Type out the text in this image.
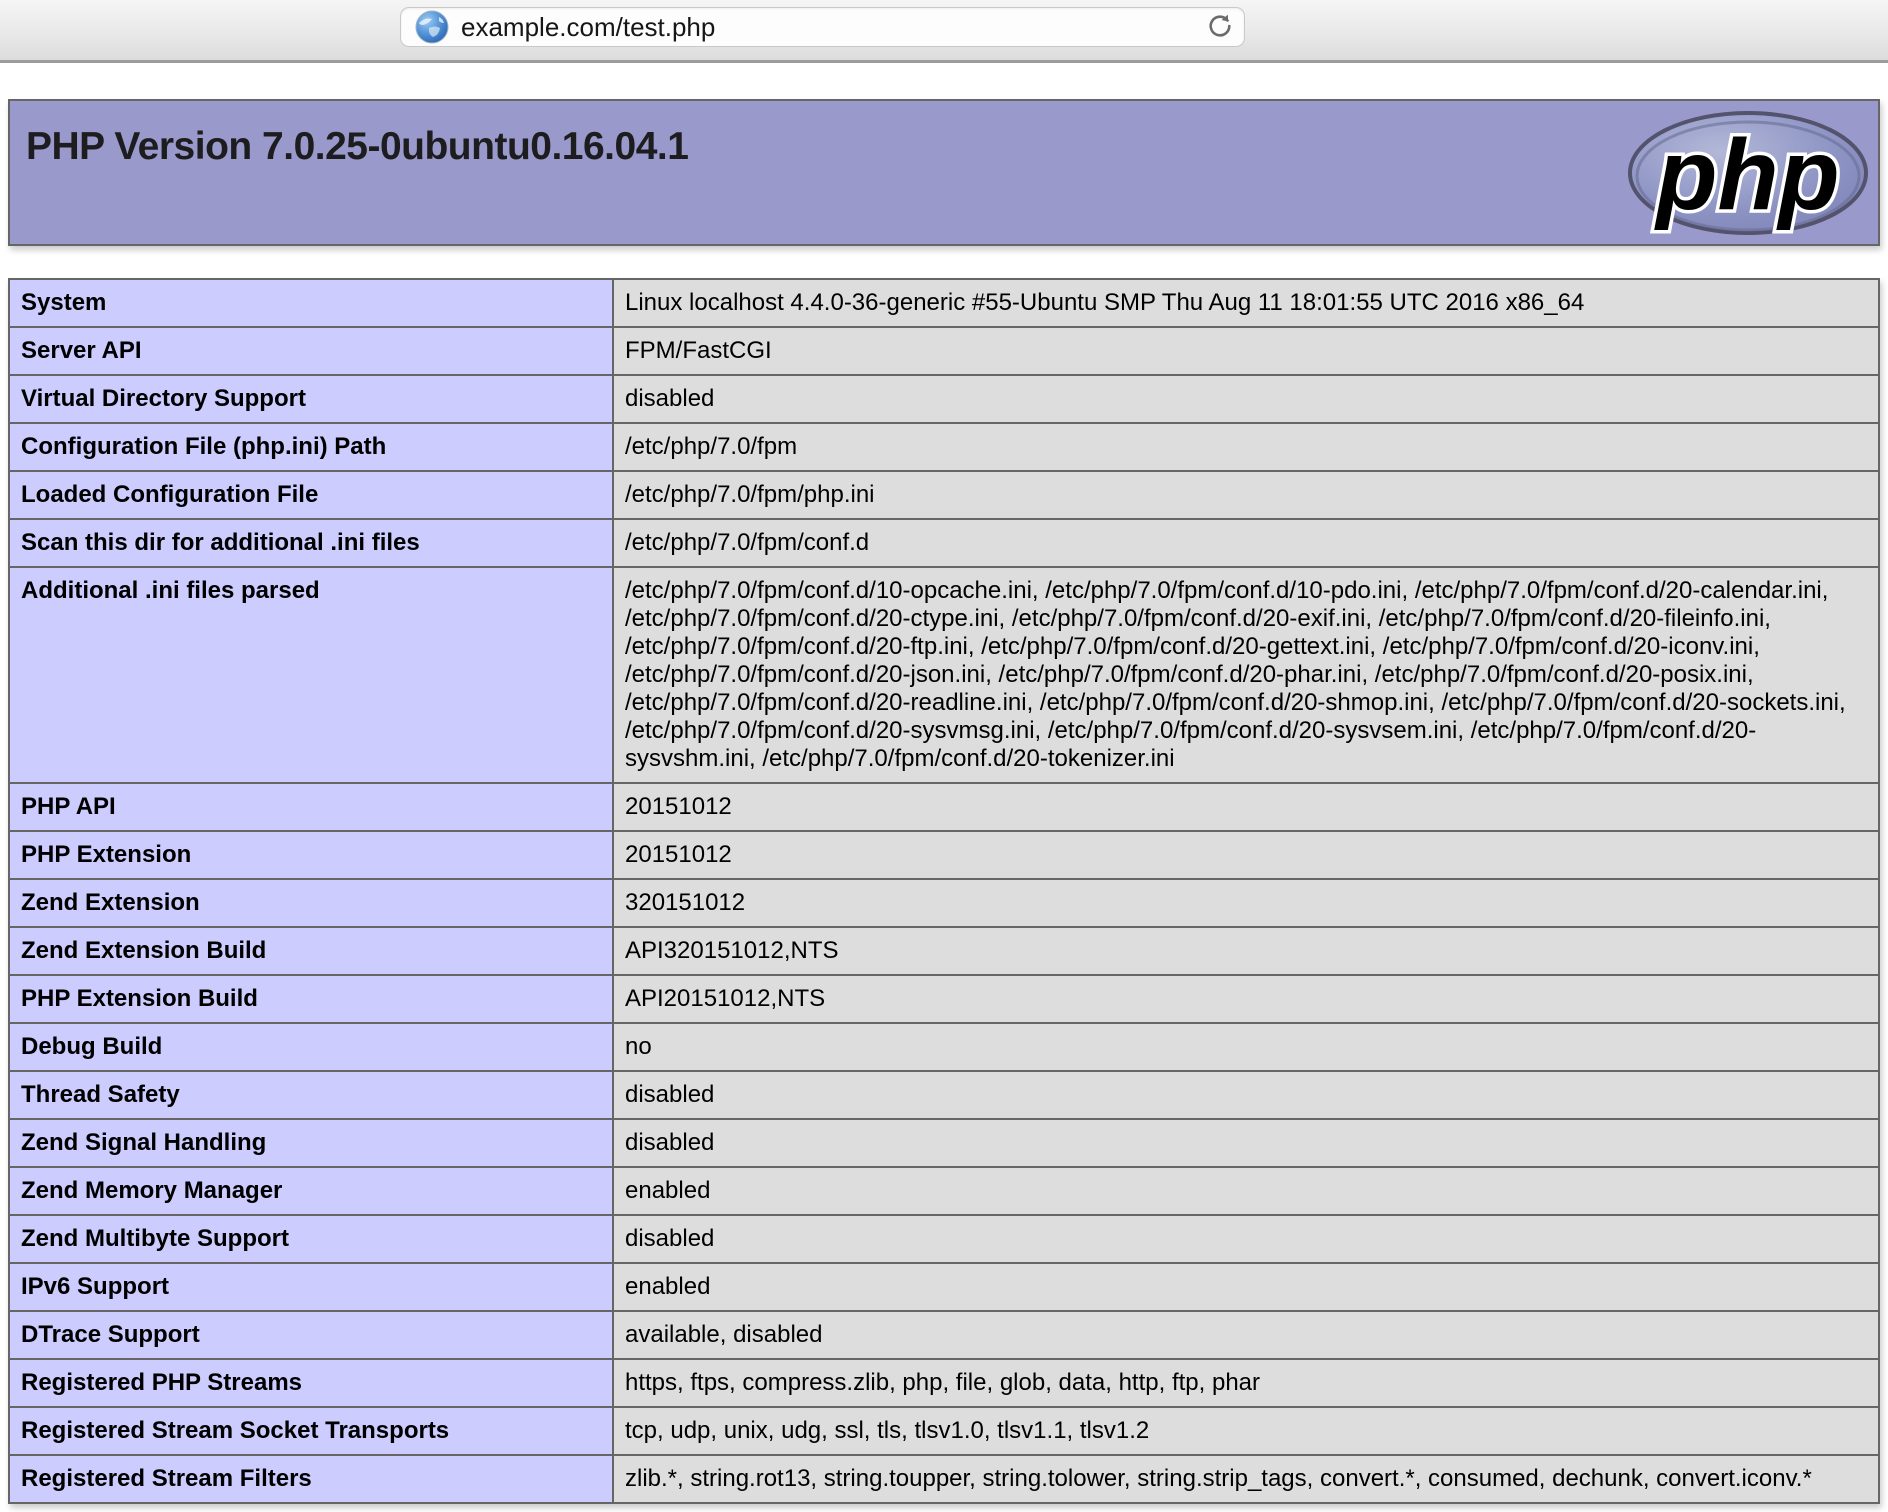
example.com/test.php
PHP Version 7.0.25-0ubuntu0.16.04.1	php
System	Linux localhost 4.4.0-36-generic #55-Ubuntu SMP Thu Aug 11 18:01:55 UTC 2016 x86_64
Server API	FPM/FastCGI
Virtual Directory Support	disabled
Configuration File (php.ini) Path	/etc/php/7.0/fpm
Loaded Configuration File	/etc/php/7.0/fpm/php.ini
Scan this dir for additional .ini files	/etc/php/7.0/fpm/conf.d
Additional .ini files parsed	/etc/php/7.0/fpm/conf.d/10-opcache.ini, /etc/php/7.0/fpm/conf.d/10-pdo.ini, /etc/php/7.0/fpm/conf.d/20-calendar.ini, /etc/php/7.0/fpm/conf.d/20-ctype.ini, /etc/php/7.0/fpm/conf.d/20-exif.ini, /etc/php/7.0/fpm/conf.d/20-fileinfo.ini, /etc/php/7.0/fpm/conf.d/20-ftp.ini, /etc/php/7.0/fpm/conf.d/20-gettext.ini, /etc/php/7.0/fpm/conf.d/20-iconv.ini, /etc/php/7.0/fpm/conf.d/20-json.ini, /etc/php/7.0/fpm/conf.d/20-phar.ini, /etc/php/7.0/fpm/conf.d/20-posix.ini, /etc/php/7.0/fpm/conf.d/20-readline.ini, /etc/php/7.0/fpm/conf.d/20-shmop.ini, /etc/php/7.0/fpm/conf.d/20-sockets.ini, /etc/php/7.0/fpm/conf.d/20-sysvmsg.ini, /etc/php/7.0/fpm/conf.d/20-sysvsem.ini, /etc/php/7.0/fpm/conf.d/20-sysvshm.ini, /etc/php/7.0/fpm/conf.d/20-tokenizer.ini
PHP API	20151012
PHP Extension	20151012
Zend Extension	320151012
Zend Extension Build	API320151012,NTS
PHP Extension Build	API20151012,NTS
Debug Build	no
Thread Safety	disabled
Zend Signal Handling	disabled
Zend Memory Manager	enabled
Zend Multibyte Support	disabled
IPv6 Support	enabled
DTrace Support	available, disabled
Registered PHP Streams	https, ftps, compress.zlib, php, file, glob, data, http, ftp, phar
Registered Stream Socket Transports	tcp, udp, unix, udg, ssl, tls, tlsv1.0, tlsv1.1, tlsv1.2
Registered Stream Filters	zlib.*, string.rot13, string.toupper, string.tolower, string.strip_tags, convert.*, consumed, dechunk, convert.iconv.*
